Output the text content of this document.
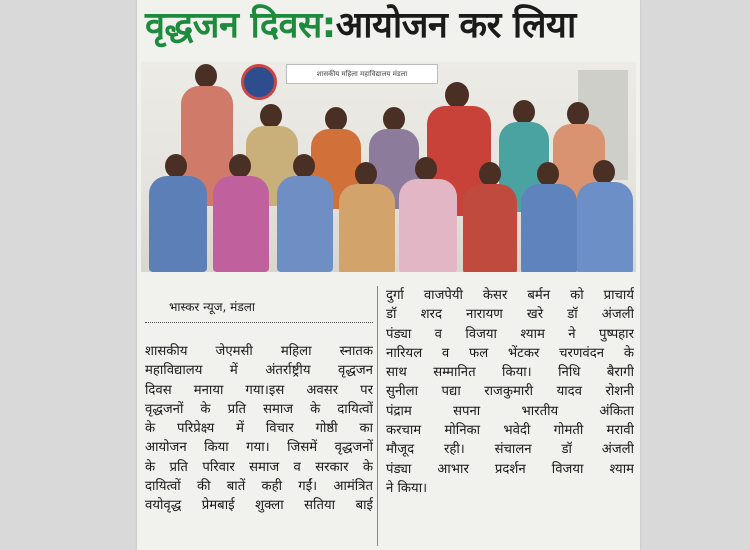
वृद्धजन दिवस:आयोजन कर लिया
शासकीय महिला महाविद्यालय मंडला
भास्कर न्यूज, मंडला
शासकीय जेएमसी महिला स्नातक
महाविद्यालय में अंतर्राष्ट्रीय वृद्धजन
दिवस मनाया गया।इस अवसर पर
वृद्धजनों के प्रति समाज के दायित्वों
के परिप्रेक्ष्य में विचार गोष्ठी का
आयोजन किया गया। जिसमें वृद्धजनों
के प्रति परिवार समाज व सरकार के
दायित्वों की बातें कही गईं। आमंत्रित
वयोवृद्ध प्रेमबाई शुक्ला सतिया बाई
दुर्गा वाजपेयी केसर बर्मन को प्राचार्य
डॉ शरद नारायण खरे डॉ अंजली
पंड्या व विजया श्याम ने पुष्पहार
नारियल व फल भेंटकर चरणवंदन के
साथ सम्मानित किया। निधि बैरागी
सुनीला पद्या राजकुमारी यादव रोशनी
पंद्राम सपना भारतीय अंकिता
करचाम मोनिका भवेदी गोमती मरावी
मौजूद रही। संचालन डॉ अंजली
पंड्या आभार प्रदर्शन विजया श्याम
ने किया।
